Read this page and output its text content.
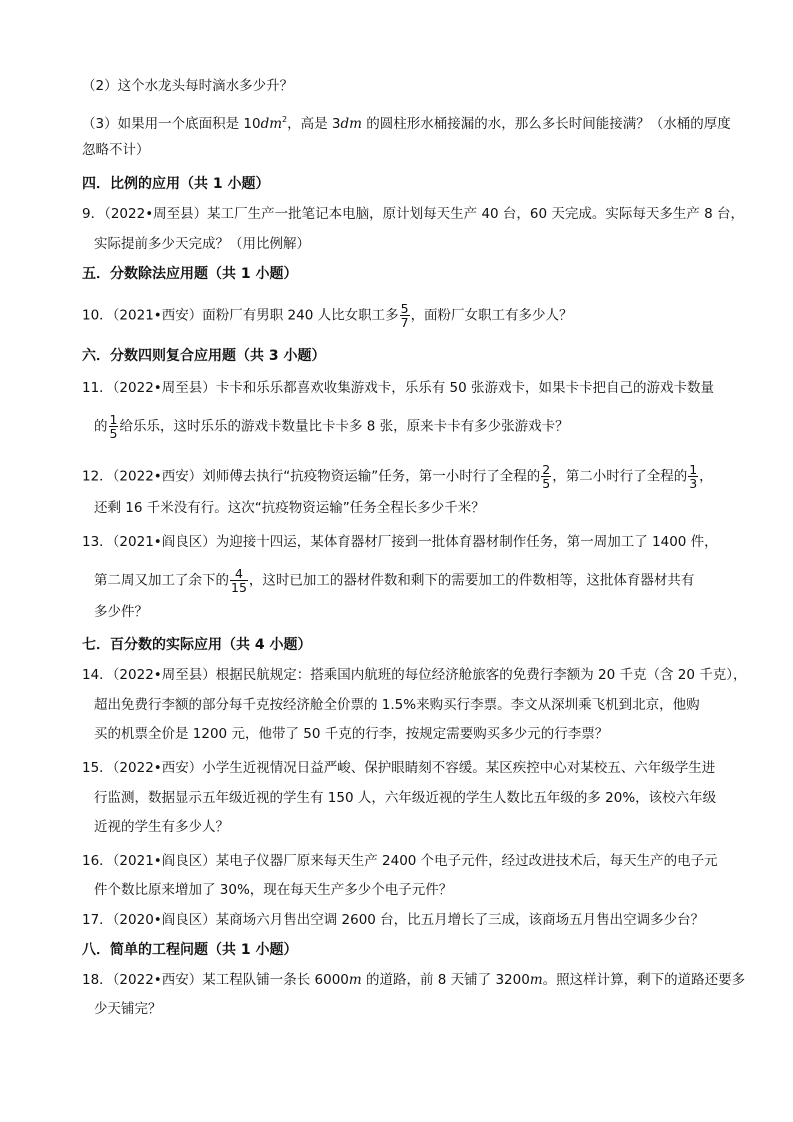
（2）这个水龙头每时滴水多少升？
（3）如果用一个底面积是 $10dm^2$，高是 3dm 的圆柱形水桶接漏的水，那么多长时间能接满？（水桶的厚度
忽略不计）
四．比例的应用（共 1 小题）
9．（2022•周至县）某工厂生产一批笔记本电脑，原计划每天生产 40 台，60 天完成。实际每天多生产 8 台，
实际提前多少天完成？（用比例解）
五．分数除法应用题（共 1 小题）
10．（2021•西安）面粉厂有男职 240 人比女职工多 $\frac{5}{7}$ ，面粉厂女职工有多少人？
六．分数四则复合应用题（共 3 小题）
11．（2022•周至县）卡卡和乐乐都喜欢收集游戏卡，乐乐有 50 张游戏卡，如果卡卡把自己的游戏卡数量
的 $\frac{1}{5}$ 给乐乐，这时乐乐的游戏卡数量比卡卡多 8 张，原来卡卡有多少张游戏卡？
12．（2022•西安）刘师傅去执行“抗疫物资运输”任务，第一小时行了全程的 $\frac{2}{5}$ ，第二小时行了全程的 $\frac{1}{3}$ ，
还剩 16 千米没有行。这次“抗疫物资运输”任务全程长多少千米？
13．（2021•阎良区）为迎接十四运，某体育器材厂接到一批体育器材制作任务，第一周加工了 1400 件，
第二周又加工了余下的 $\frac{4}{15}$ ，这时已加工的器材件数和剩下的需要加工的件数相等，这批体育器材共有
多少件？
七．百分数的实际应用（共 4 小题）
14．（2022•周至县）根据民航规定：搭乘国内航班的每位经济舱旅客的免费行李额为 20 千克（含 20 千克），
超出免费行李额的部分每千克按经济舱全价票的 1.5%来购买行李票。李文从深圳乘飞机到北京，他购
买的机票全价是 1200 元，他带了 50 千克的行李，按规定需要购买多少元的行李票？
15．（2022•西安）小学生近视情况日益严峻、保护眼睛刻不容缓。某区疾控中心对某校五、六年级学生进
行监测，数据显示五年级近视的学生有 150 人，六年级近视的学生人数比五年级的多 20%，该校六年级
近视的学生有多少人？
16．（2021•阎良区）某电子仪器厂原来每天生产 2400 个电子元件，经过改进技术后，每天生产的电子元
件个数比原来增加了 30%，现在每天生产多少个电子元件？
17．（2020•阎良区）某商场六月售出空调 2600 台，比五月增长了三成，该商场五月售出空调多少台？
八．简单的工程问题（共 1 小题）
18．（2022•西安）某工程队铺一条长 6000m 的道路，前 8 天铺了 3200m。照这样计算，剩下的道路还要多
少天铺完？
